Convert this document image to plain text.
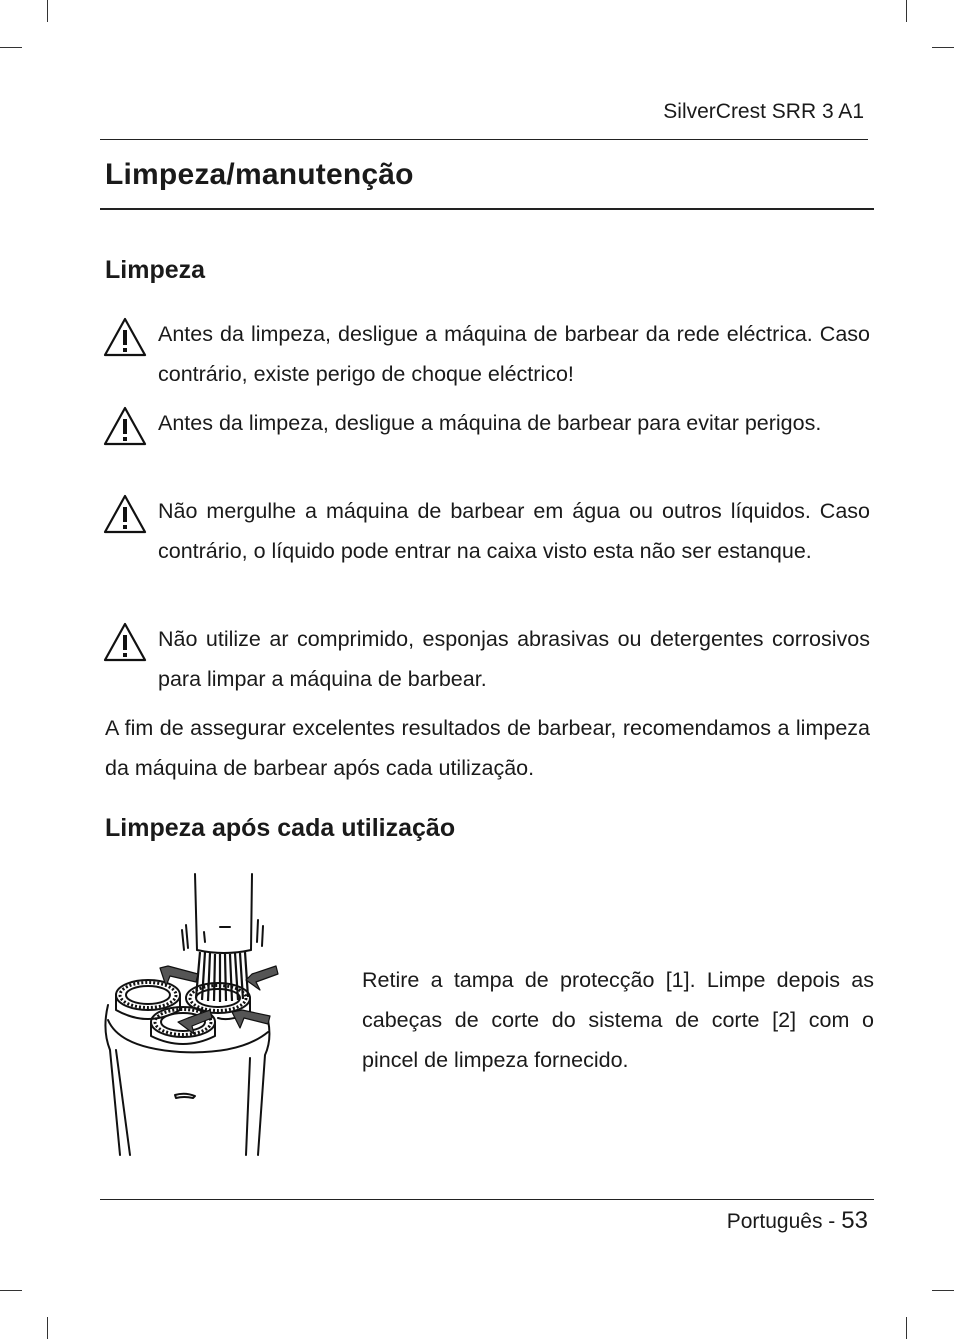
SilverCrest SRR 3 A1
Limpeza/manutenção
Limpeza

Antes da limpeza, desligue a máquina de barbear da rede eléctrica. Caso contrário, existe perigo de choque eléctrico!

Antes da limpeza, desligue a máquina de barbear para evitar perigos.

Não mergulhe a máquina de barbear em água ou outros líquidos. Caso contrário, o líquido pode entrar na caixa visto esta não ser estanque.

Não utilize ar comprimido, esponjas abrasivas ou detergentes corrosivos para limpar a máquina de barbear.

A fim de assegurar excelentes resultados de barbear, recomendamos a limpeza da máquina de barbear após cada utilização.

Limpeza após cada utilização

Retire a tampa de protecção [1]. Limpe depois as cabeças de corte do sistema de corte [2] com o pincel de limpeza fornecido.

Português - 53
